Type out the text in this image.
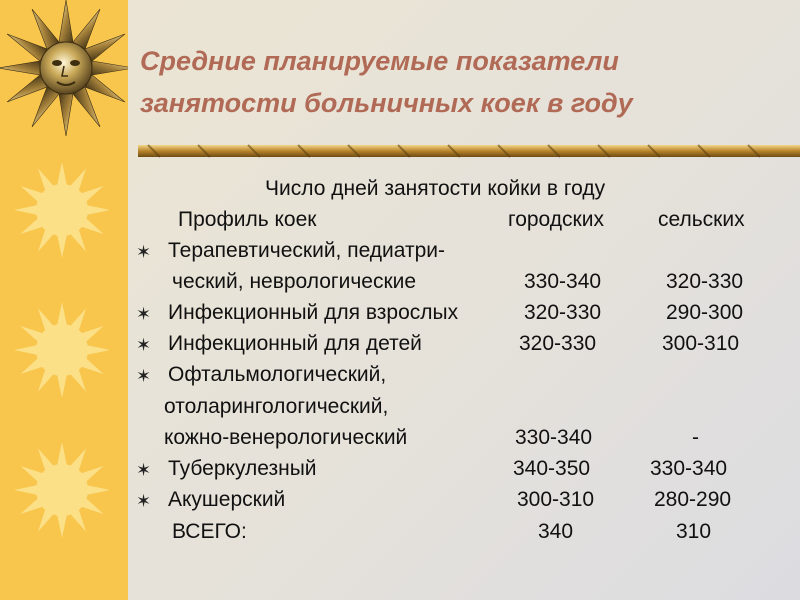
Средние планируемые показатели
занятости больничных коек в году
Число дней занятости койки в году
Профиль коек	городских	сельских
✶ Терапевтический, педиатри-
ческий, неврологические	330-340	320-330
✶ Инфекционный для взрослых	320-330	290-300
✶ Инфекционный для детей	320-330	300-310
✶ Офтальмологический,
отоларингологический,
кожно-венерологический	330-340	-
✶ Туберкулезный	340-350	330-340
✶ Акушерский	300-310	280-290
ВСЕГО:	340	310
